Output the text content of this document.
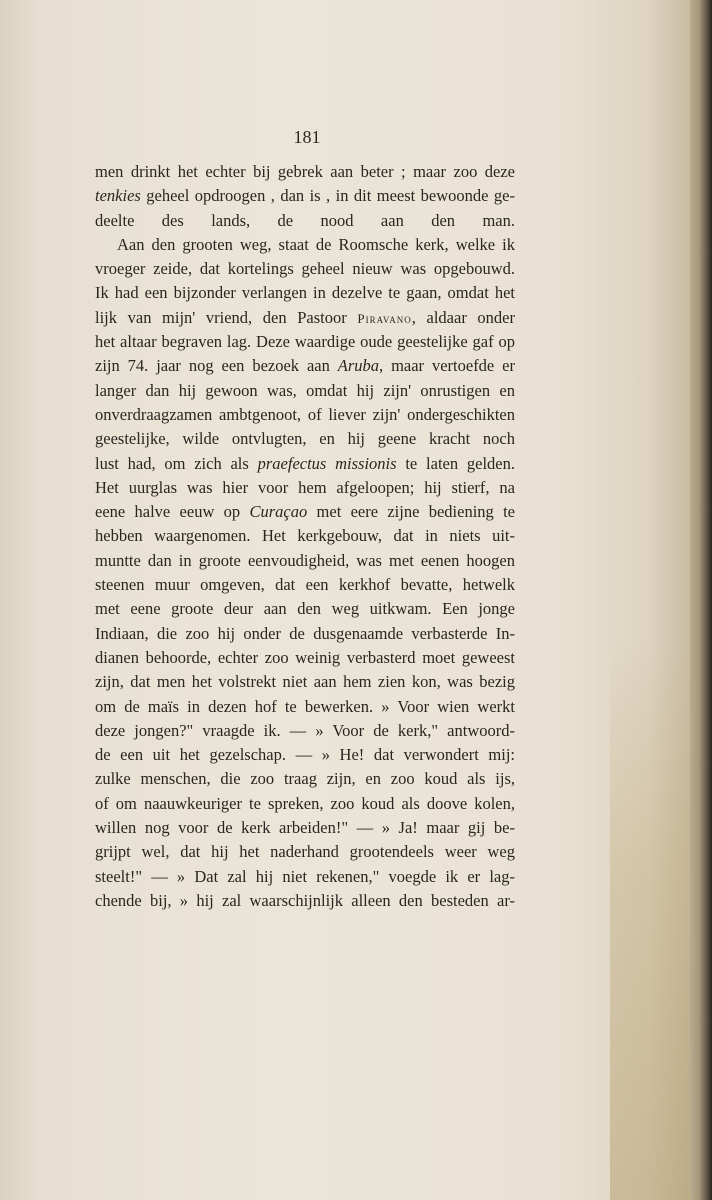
181
men drinkt het echter bij gebrek aan beter ; maar zoo deze
tenkies geheel opdroogen , dan is , in dit meest bewoonde ge-
deelte des lands, de nood aan den man.
Aan den grooten weg, staat de Roomsche kerk, welke ik
vroeger zeide, dat kortelings geheel nieuw was opgebouwd.
Ik had een bijzonder verlangen in dezelve te gaan, omdat het
lijk van mijn' vriend, den Pastoor Piravano, aldaar onder
het altaar begraven lag. Deze waardige oude geestelijke gaf op
zijn 74. jaar nog een bezoek aan Aruba, maar vertoefde er
langer dan hij gewoon was, omdat hij zijn' onrustigen en
onverdraagzamen ambtgenoot, of liever zijn' ondergeschikten
geestelijke, wilde ontvlugten, en hij geene kracht noch
lust had, om zich als praefectus missionis te laten gelden.
Het uurglas was hier voor hem afgeloopen; hij stierf, na
eene halve eeuw op Curaçao met eere zijne bediening te
hebben waargenomen. Het kerkgebouw, dat in niets uit-
muntte dan in groote eenvoudigheid, was met eenen hoogen
steenen muur omgeven, dat een kerkhof bevatte, hetwelk
met eene groote deur aan den weg uitkwam. Een jonge
Indiaan, die zoo hij onder de dusgenaamde verbasterde In-
dianen behoorde, echter zoo weinig verbasterd moet geweest
zijn, dat men het volstrekt niet aan hem zien kon, was bezig
om de maïs in dezen hof te bewerken. » Voor wien werkt
deze jongen?" vraagde ik. — » Voor de kerk," antwoord-
de een uit het gezelschap. — » He! dat verwondert mij:
zulke menschen, die zoo traag zijn, en zoo koud als ijs,
of om naauwkeuriger te spreken, zoo koud als doove kolen,
willen nog voor de kerk arbeiden!" — » Ja! maar gij be-
grijpt wel, dat hij het naderhand grootendeels weer weg
steelt!" — » Dat zal hij niet rekenen," voegde ik er lag-
chende bij, » hij zal waarschijnlijk alleen den besteden ar-
